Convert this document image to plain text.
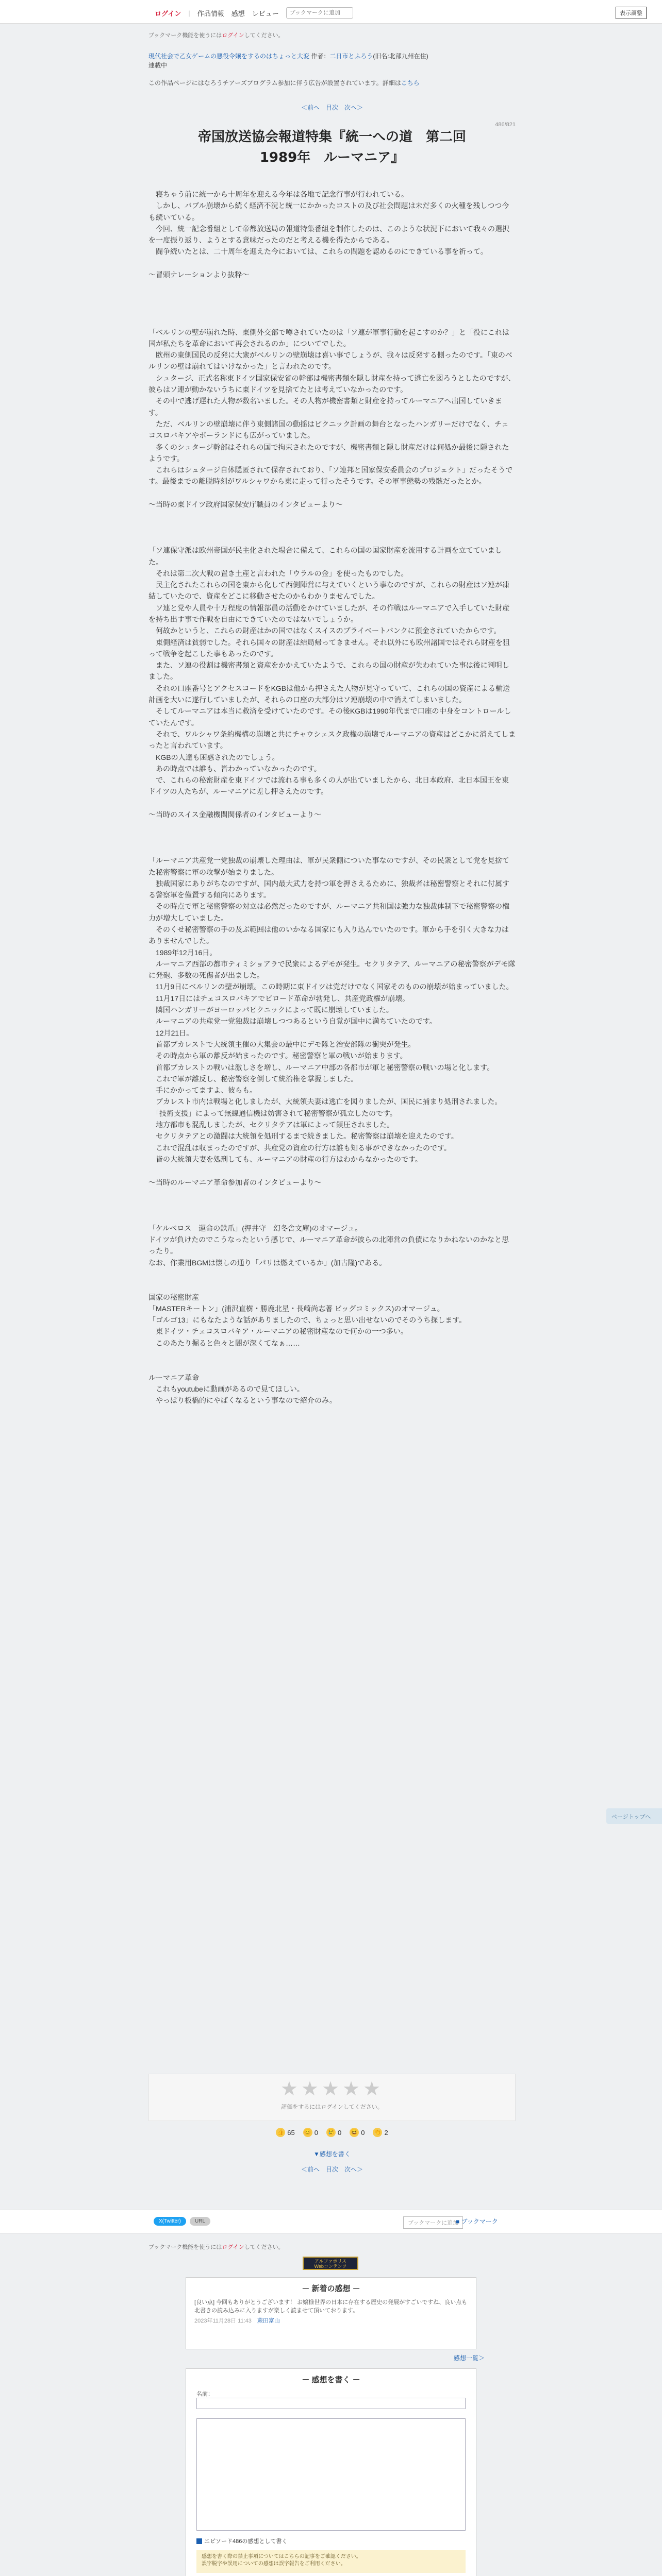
ログイン | 作品情報 感想 レビュー
ブックマークに追加	表示調整
ブックマーク機能を使うにはログインしてください。
現代社会で乙女ゲームの悪役令嬢をするのはちょっと大変 作者：二日市とふろう(旧名:北部九州在住)
連載中
この作品ページにはなろうチアーズプログラム参加に伴う広告が設置されています。詳細はこちら
＜前へ 目次 次へ＞
486/821
帝国放送協会報道特集『統一への道　第二回　1989年　ルーマニア』

　寝ちゃう前に統一から十周年を迎える今年は各地で記念行事が行われている。

　しかし、バブル崩壊から続く経済不況と統一にかかったコストの及び社会問題は未だ多くの火種を残しつつ今も続いている。

　今回、統一記念番組として帝都放送局の報道特集番組を制作したのは、このような状況下において我々の選択を一度振り返り、ようとする意味だったのだと考える機を得たからである。

　闘争続いたとは、二十周年を迎えた今においては、これらの問題を認めるのにできている事を祈って。

～冒頭ナレーションより抜粋～

「ベルリンの壁が崩れた時、東側外交部で噂されていたのは「ソ連が軍事行動を起こすのか？」と「役にこれは国が私たちを革命において再会されるのか」についてでした。

　欧州の東側国民の反発に大衆がベルリンの壁崩壊は喜い事でしょうが、我々は反発する側ったのです。「東のベルリンの壁は崩れてはいけなかった」と言われたのです。

　シュタージ、正式名称東ドイツ国家保安省の幹部は機密書類を隠し財産を持って逃亡を図ろうとしたのですが、彼らはソ連が動かないうちに東ドイツを見捨てたとは考えていなかったのです。

　その中で逃げ遅れた人物が数名いました。その人物が機密書類と財産を持ってルーマニアへ出国していきます。

　ただ、ベルリンの壁崩壊に伴う東側諸国の動揺はピクニック計画の舞台となったハンガリーだけでなく、チェコスロバキアやポーランドにも広がっていました。

　多くのシュタージ幹部はそれらの国で拘束されたのですが、機密書類と隠し財産だけは何処か最後に隠されたようです。

　これらはシュタージ自体隠匿されて保存されており、「ソ連邦と国家保安委員会のプロジェクト」だったそうです。最後までの離脱時刻がワルシャワから東に走って行ったそうです。その軍事態勢の残骸だったとか。

～当時の東ドイツ政府国家保安庁職員のインタビューより～

「ソ連保守派は欧州帝国が民主化された場合に備えて、これらの国の国家財産を流用する計画を立てていました。

　それは第二次大戦の置き土産と言われた「ウラルの金」を使ったものでした。

　民主化されたこれらの国を東から化して西側陣営に与えていくという事なのですが、これらの財産はソ連が凍結していたので、資産をどこに移動させたのかもわかりませんでした。

　ソ連と党や人員や十万程度の情報部員の活動をかけていましたが、その作戦はルーマニアで入手していた財産を持ち出す事で作戦を自由にできていたのではないでしょうか。

　何故かというと、これらの財産はかの国ではなくスイスのプライベートバンクに預金されていたからです。

　東側経済は貧弱でした。それら国々の財産は結局帰ってきません。それ以外にも欧州諸国ではそれら財産を狙って戦争を起こした事もあったのです。

　また、ソ連の役割は機密書類と資産をかかえていたようで、これらの国の財産が失われていた事は後に判明しました。

　それの口座番号とアクセスコードをKGBは他から押さえた人物が見守っていて、これらの国の資産による輸送計画を大いに遂行していましたが、それらの口座の大部分はソ連崩壊の中で消えてしまいました。

　そしてルーマニアは本当に救済を受けていたのです。その後KGBは1990年代まで口座の中身をコントロールしていたんです。

　それで、ワルシャワ条約機構の崩壊と共にチャウシェスク政権の崩壊でルーマニアの資産はどこかに消えてしまったと言われています。

　KGBの人達も困惑されたのでしょう。

　あの時点では誰も、皆わかっていなかったのです。

　で、これらの秘密財産を東ドイツでは流れる事も多くの人が出ていましたから、北日本政府、北日本国王を東ドイツの人たちが、ルーマニアに差し押さえたのです。

～当時のスイス金融機関関係者のインタビューより～

「ルーマニア共産党一党独裁の崩壊した理由は、軍が民衆側についた事なのですが、その民衆として党を見捨てた秘密警察に軍の攻撃が始まりました。

　独裁国家にありがちなのですが、国内最大武力を持つ軍を押さえるために、独裁者は秘密警察とそれに付属する警察軍を僅置する傾向にあります。

　その時点で軍と秘密警察の対立は必然だったのですが、ルーマニア共和国は強力な独裁体制下で秘密警察の権力が増大していました。

　そのくせ秘密警察の手の及ぶ範囲は他のいかなる国家にも入り込んでいたのです。軍から手を引く大きな力はありませんでした。

　1989年12月16日。

　ルーマニア西部の都市ティミショアラで民衆によるデモが発生。セクリタテア、ルーマニアの秘密警察がデモ隊に発砲、多数の死傷者が出ました。

　11月9日にベルリンの壁が崩壊。この時期に東ドイツは党だけでなく国家そのものの崩壊が始まっていました。

　11月17日にはチェコスロバキアでビロード革命が勃発し、共産党政権が崩壊。

　隣国ハンガリーがヨーロッパピクニックによって既に崩壊していました。

　ルーマニアの共産党一党独裁は崩壊しつつあるという自覚が国中に満ちていたのです。

　12月21日。

　首都ブカレストで大統領主催の大集会の最中にデモ隊と治安部隊の衝突が発生。

　その時点から軍の離反が始まったのです。秘密警察と軍の戦いが始まります。

　首都ブカレストの戦いは激しさを増し、ルーマニア中部の各都市が軍と秘密警察の戦いの場と化します。

　これで軍が離反し、秘密警察を倒して統治権を掌握しました。

　手にかかってますよ、彼らも。

　ブカレスト市内は戦場と化しましたが、大統領夫妻は逃亡を図りましたが、国民に捕まり処刑されました。

　「技術支援」によって無線通信機は妨害されて秘密警察が孤立したのです。

　地方都市も混乱しましたが、セクリタテアは軍によって鎮圧されました。

　セクリタテアとの激闘は大統領を処刑するまで続きました。秘密警察は崩壊を迎えたのです。

　これで混乱は収まったのですが、共産党の資産の行方は誰も知る事ができなかったのです。

　皆の大統領夫妻を処刑しても、ルーマニアの財産の行方はわからなかったのです。

～当時のルーマニア革命参加者のインタビューより～

「ケルベロス　運命の鉄爪」(押井守　幻冬舎文庫)のオマージュ。

ドイツが負けたのでこうなったという感じで、ルーマニア革命が彼らの北陣営の負債になりかねないのかなと思ったり。

なお、作業用BGMは懐しの通り「パリは燃えているか」(加古隆)である。

国家の秘密財産

「MASTERキートン」(浦沢直樹・勝鹿北星・長崎尚志著 ビッグコミックス)のオマージュ。

「ゴルゴ13」にもなたような話がありましたので、ちょっと思い出せないのでそのうち探します。

　東ドイツ・チェコスロバキア・ルーマニアの秘密財産なので何かの一つ多い。

　このあたり掘ると色々と闇が深くてなぁ……

ルーマニア革命

　これもyoutubeに動画があるので見てほしい。

　やっぱり板橋的にやばくなるという事なので紹介のみ。

★★★★★
評価をするにはログインしてください。
👍 65 😊 0 😢 0 😆 0 👏 2
▼感想を書く
＜前へ 目次 次へ＞
X(Twitter)	URL	ブックマークに追加
■ ブックマーク
ページトップへ
ブックマーク機能を使うにはログインしてください。
アルファポリス
Webコンテンツ
－ 新着の感想 －
[良い点] 今回もありがとうございます！ お嬢様世界の日本に存在する歴史の発展がすごいですね、良い点も北書きの読み込みに入りますが楽しく読ませて頂いております。
2023年11月28日 11:43　 蕨田富山
感想一覧＞
－ 感想を書く －
名前：
エピソード486の感想として書く
感想を書く際の禁止事項についてはこちらの記事をご確認ください。
誤字脱字や誤用についての感想は誤字報告をご利用ください。
